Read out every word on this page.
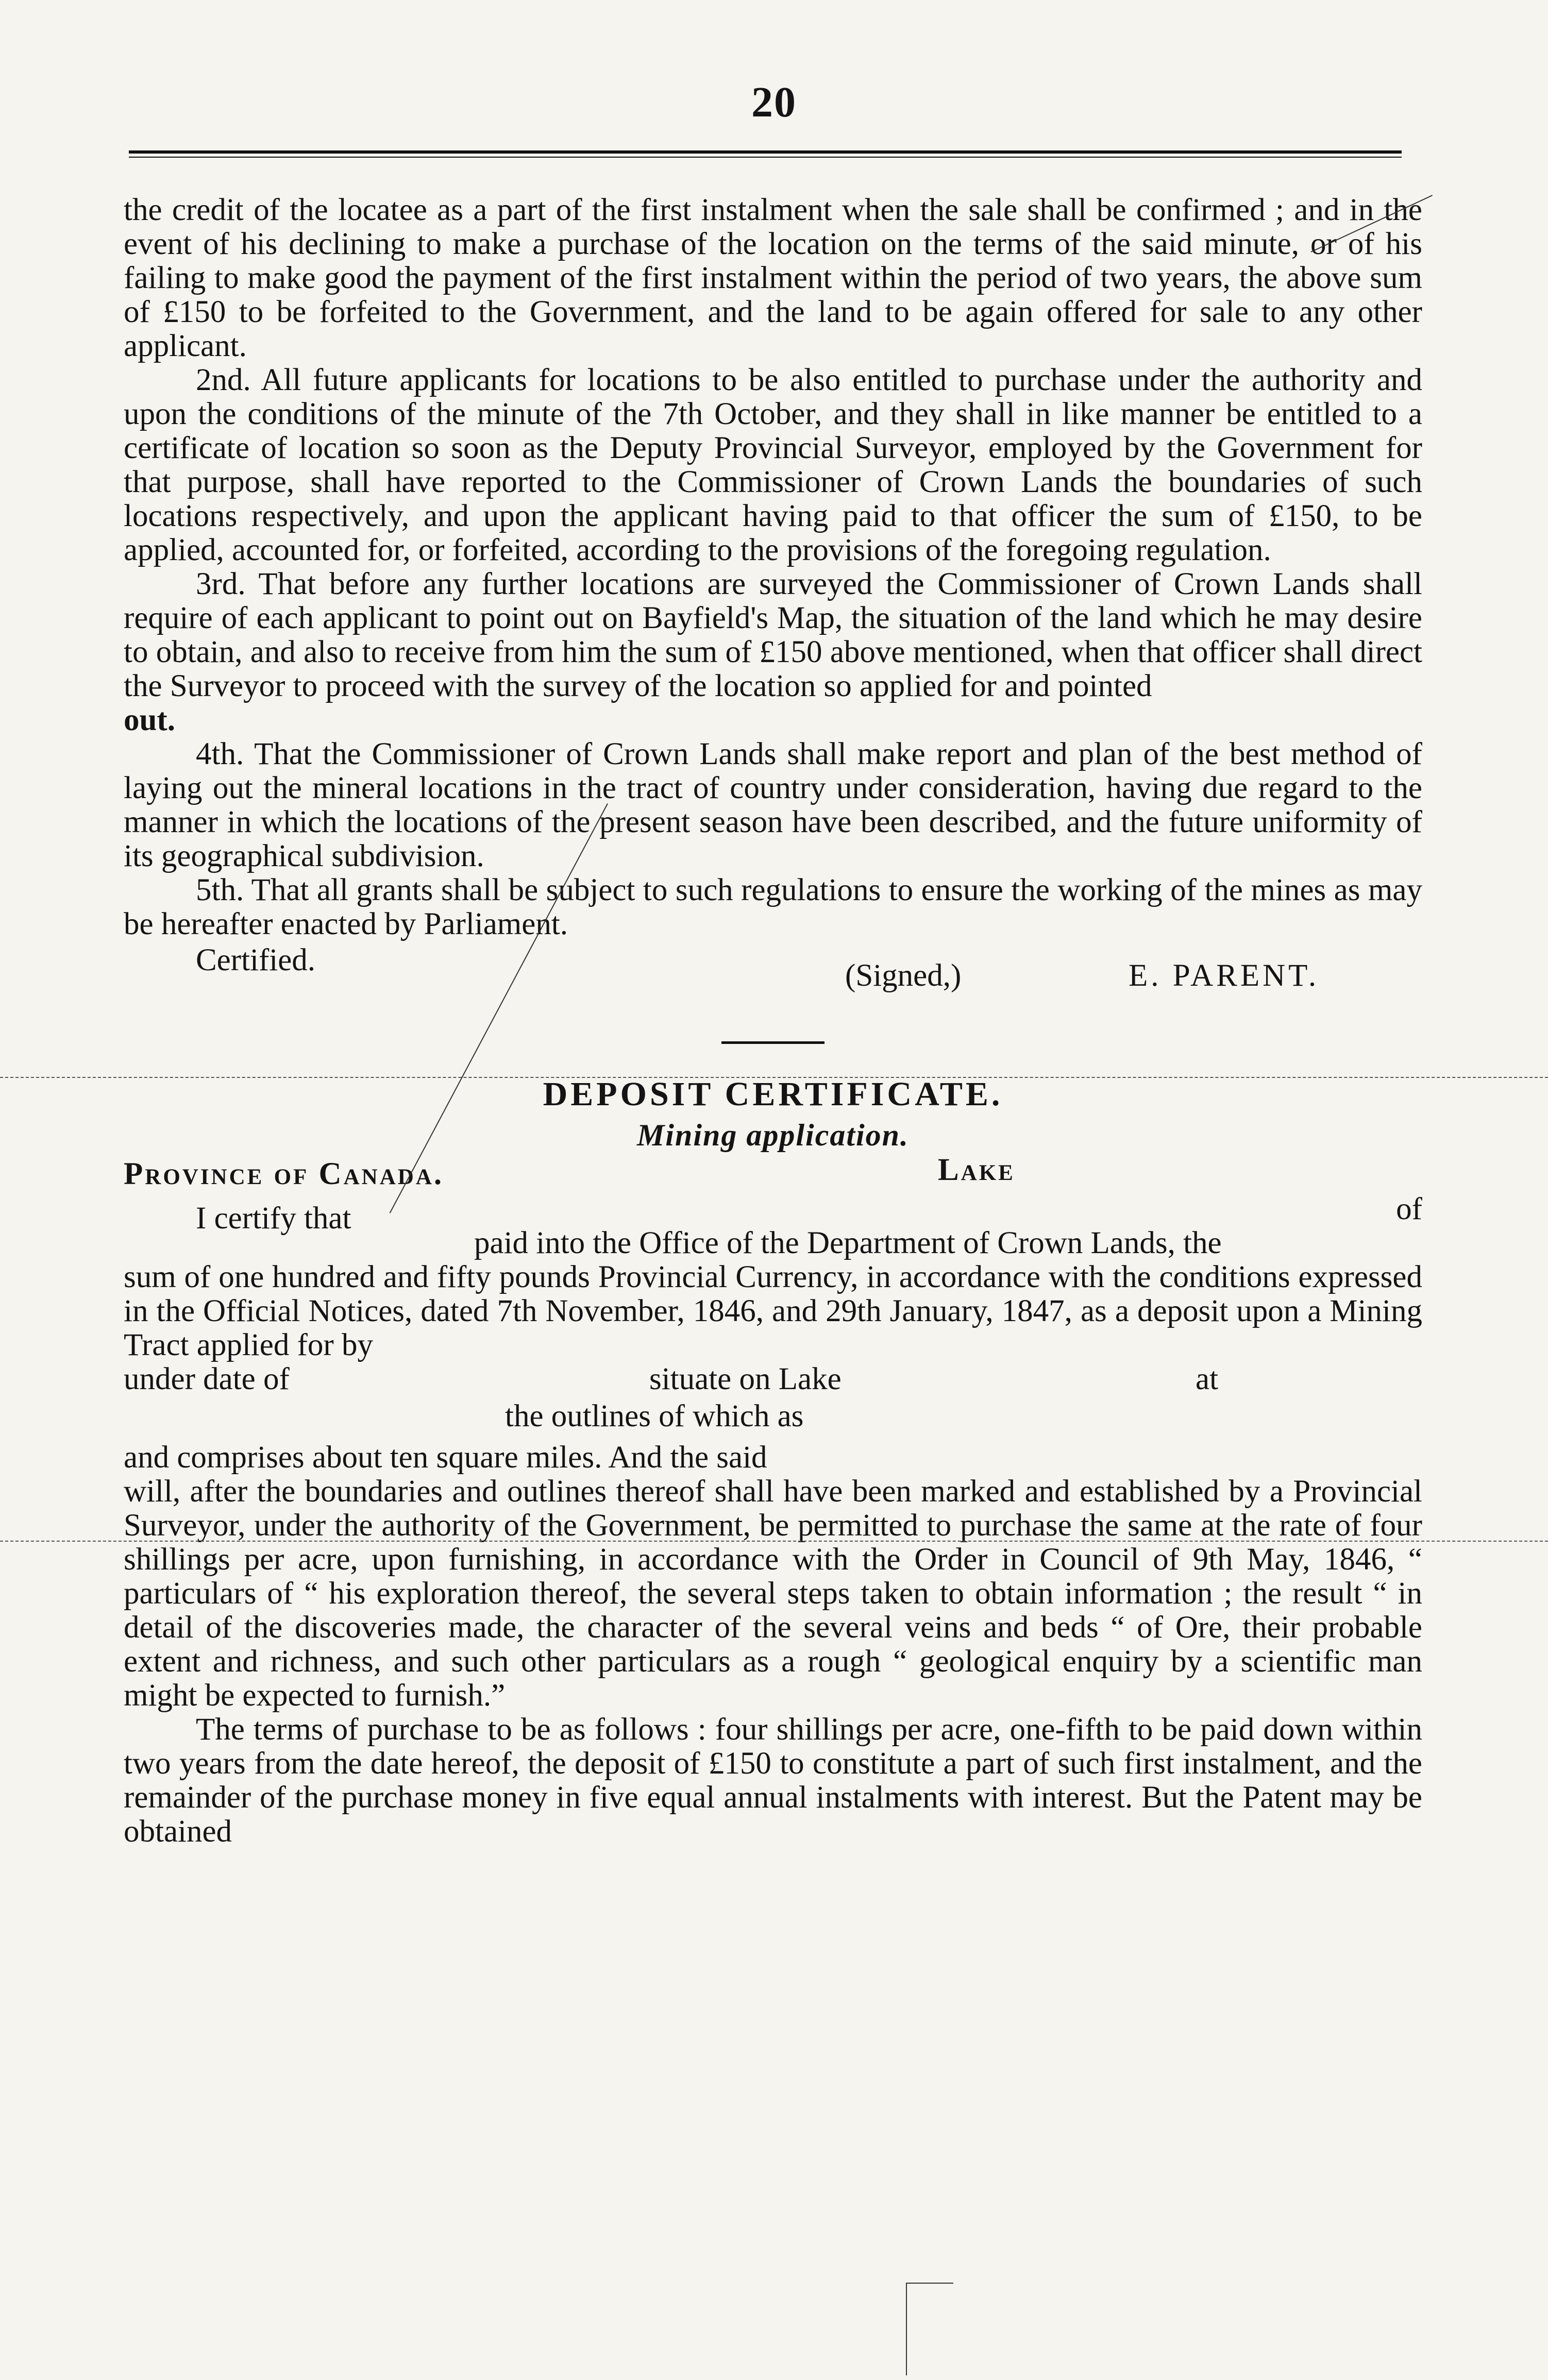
20

the credit of the locatee as a part of the first instalment when the sale shall be confirmed ; and in the event of his declining to make a purchase of the location on the terms of the said minute, or of his failing to make good the payment of the first instalment within the period of two years, the above sum of £150 to be forfeited to the Government, and the land to be again offered for sale to any other applicant.

2nd. All future applicants for locations to be also entitled to purchase under the authority and upon the conditions of the minute of the 7th October, and they shall in like manner be entitled to a certificate of location so soon as the Deputy Provincial Surveyor, employed by the Government for that purpose, shall have reported to the Commissioner of Crown Lands the boundaries of such locations respectively, and upon the applicant having paid to that officer the sum of £150, to be applied, accounted for, or forfeited, according to the provisions of the foregoing regulation.

3rd. That before any further locations are surveyed the Commissioner of Crown Lands shall require of each applicant to point out on Bayfield's Map, the situation of the land which he may desire to obtain, and also to receive from him the sum of £150 above mentioned, when that officer shall direct the Surveyor to proceed with the survey of the location so applied for and pointed

out.

4th. That the Commissioner of Crown Lands shall make report and plan of the best method of laying out the mineral locations in the tract of country under consideration, having due regard to the manner in which the locations of the present season have been described, and the future uniformity of its geographical subdivision.

5th. That all grants shall be subject to such regulations to ensure the working of the mines as may be hereafter enacted by Parliament.

Certified.	(Signed,)	E. PARENT.
DEPOSIT CERTIFICATE.
Mining application.
Province of Canada.	Lake
I certify that	of
paid into the Office of the Department of Crown Lands, the

sum of one hundred and fifty pounds Provincial Currency, in accordance with the conditions expressed in the Official Notices, dated 7th November, 1846, and 29th January, 1847, as a deposit upon a Mining Tract applied for by

under date of	situate on Lake	at
the outlines of which as

and comprises about ten square miles. And the said

will, after the boundaries and outlines thereof shall have been marked and established by a Provincial Surveyor, under the authority of the Government, be permitted to purchase the same at the rate of four shillings per acre, upon furnishing, in accordance with the Order in Council of 9th May, 1846, “ particulars of “ his exploration thereof, the several steps taken to obtain information ; the result “ in detail of the discoveries made, the character of the several veins and beds “ of Ore, their probable extent and richness, and such other particulars as a rough “ geological enquiry by a scientific man might be expected to furnish.”

The terms of purchase to be as follows : four shillings per acre, one-fifth to be paid down within two years from the date hereof, the deposit of £150 to constitute a part of such first instalment, and the remainder of the purchase money in five equal annual instalments with interest. But the Patent may be obtained
